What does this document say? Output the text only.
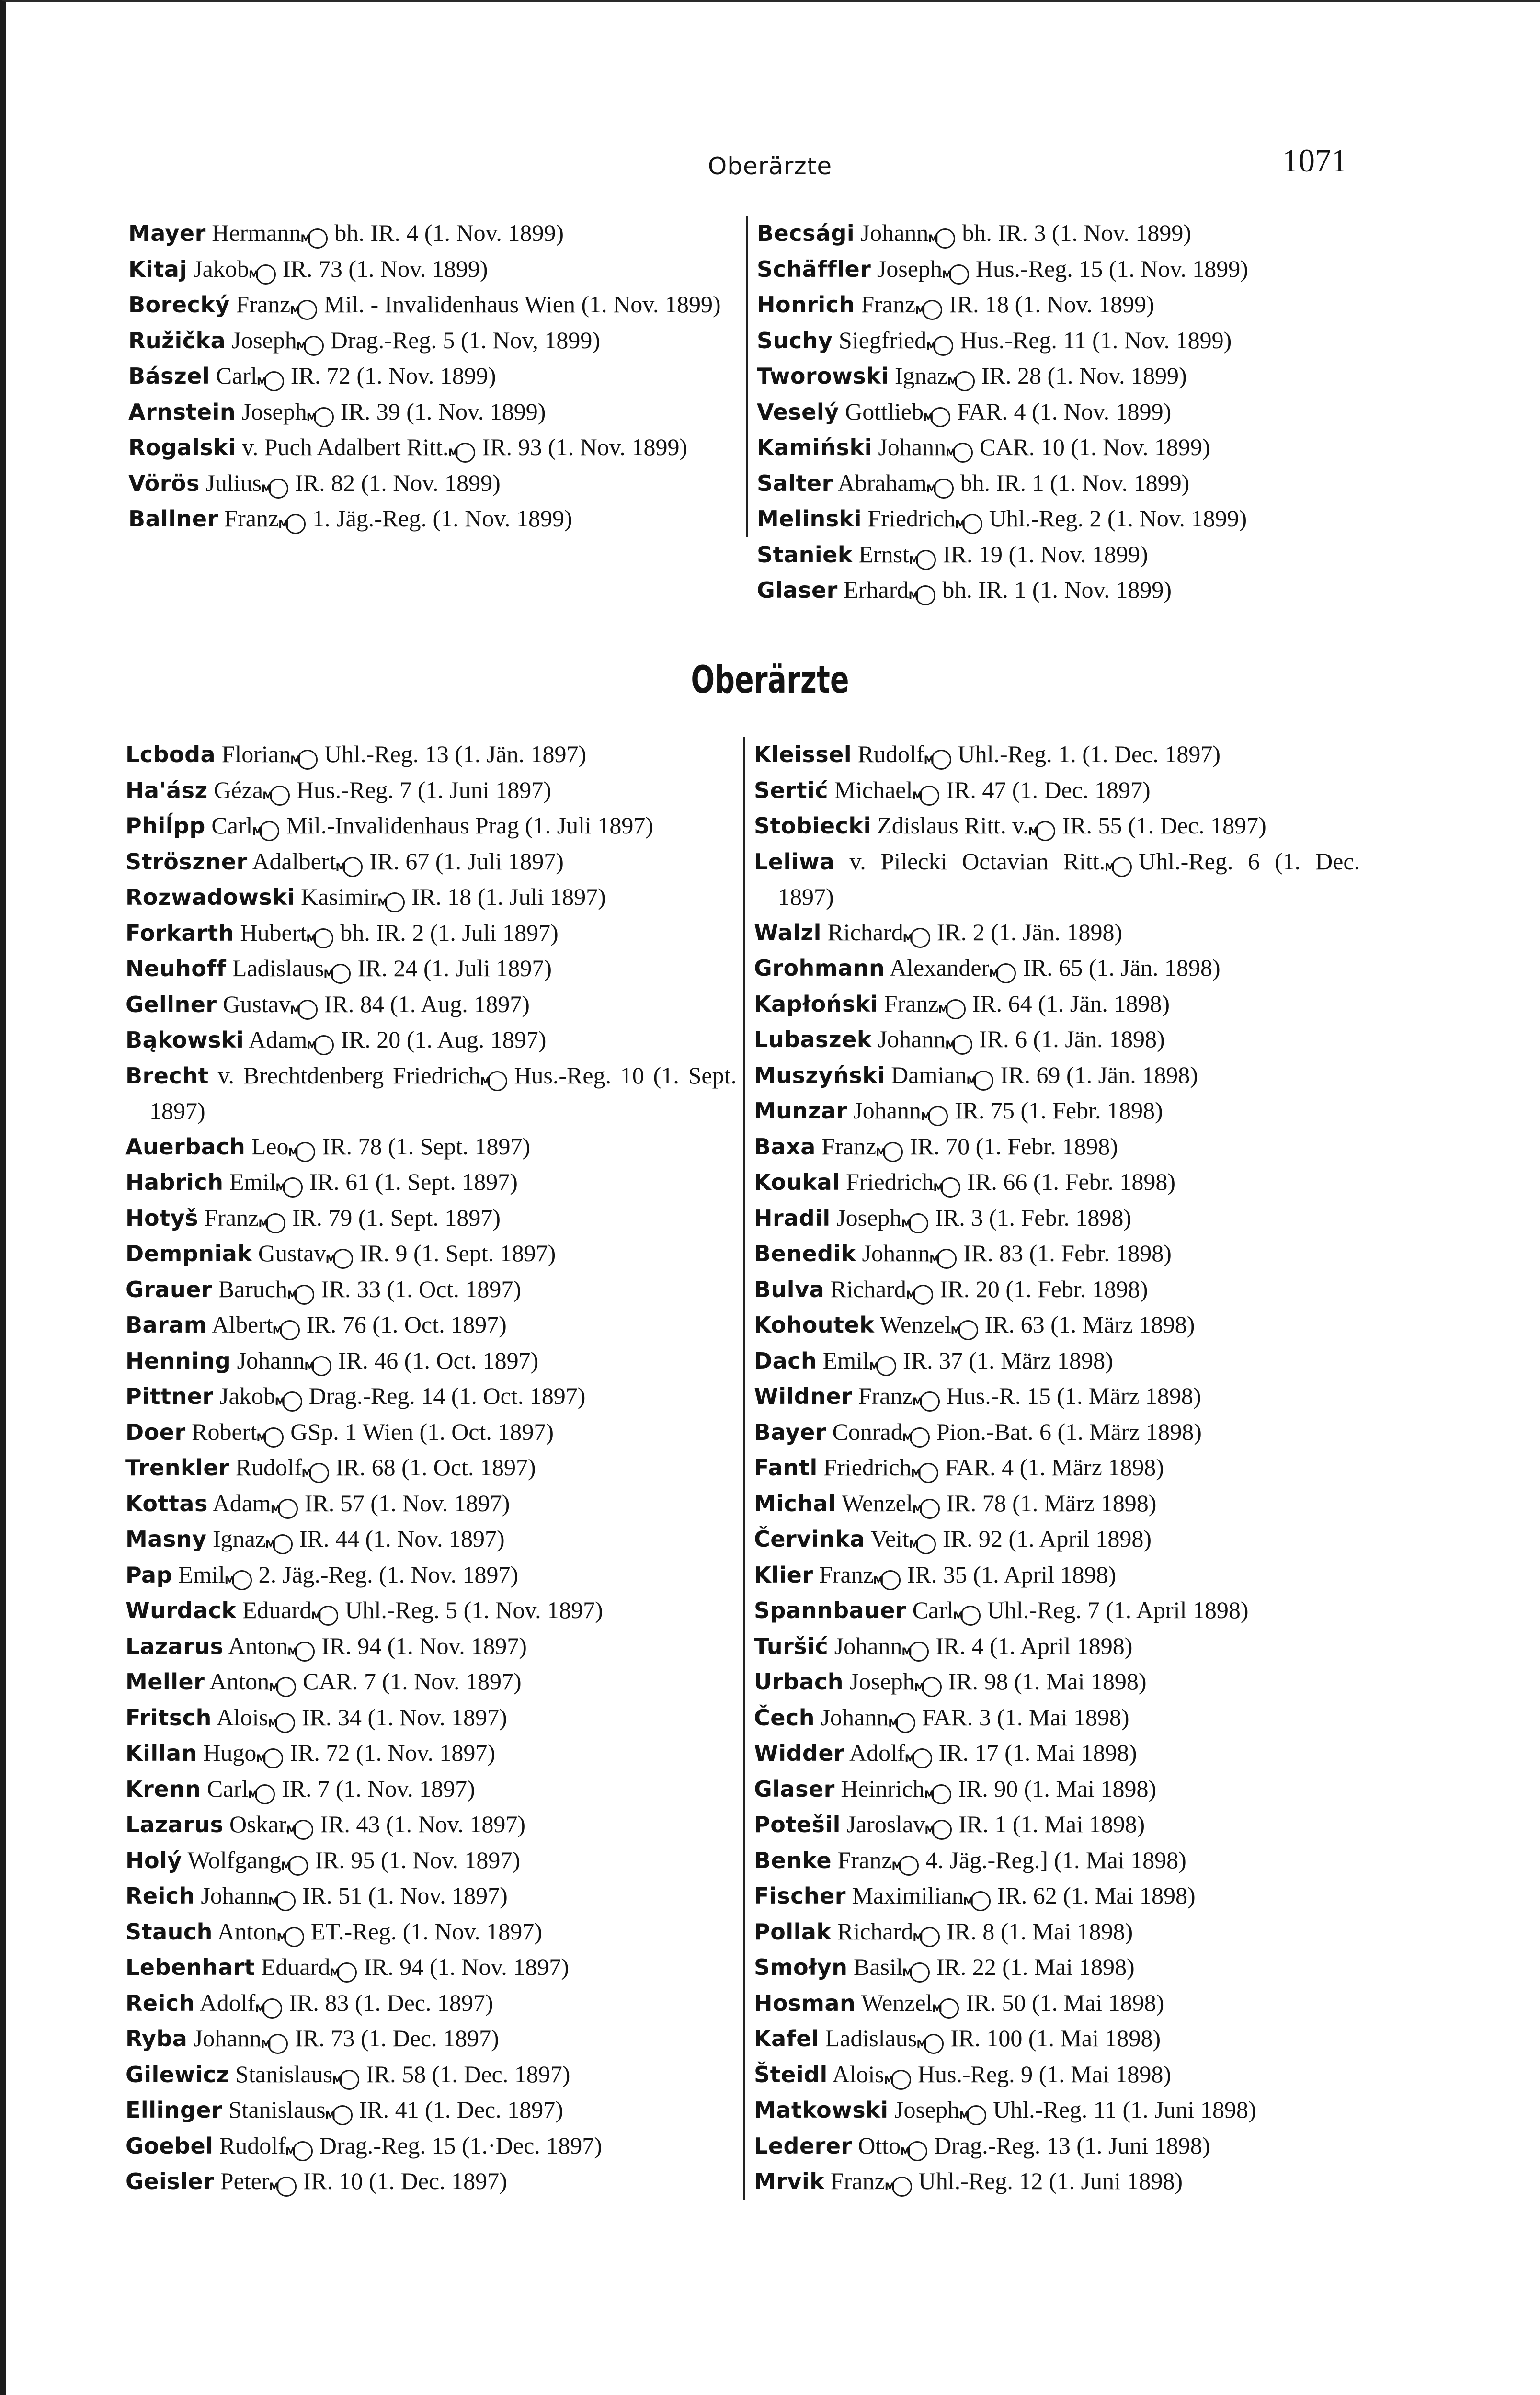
Oberärzte	1071
Mayer HermannM bh. IR. 4 (1. Nov. 1899)
Kitaj JakobM IR. 73 (1. Nov. 1899)
Borecký FranzM Mil. - Invalidenhaus Wien (1. Nov. 1899)
Ružička JosephM Drag.-Reg. 5 (1. Nov, 1899)
Bászel CarlM IR. 72 (1. Nov. 1899)
Arnstein JosephM IR. 39 (1. Nov. 1899)
Rogalski v. Puch Adalbert Ritt.M IR. 93 (1. Nov. 1899)
Vörös JuliusM IR. 82 (1. Nov. 1899)
Ballner FranzM 1. Jäg.-Reg. (1. Nov. 1899)
Becsági JohannM bh. IR. 3 (1. Nov. 1899)
Schäffler JosephM Hus.-Reg. 15 (1. Nov. 1899)
Honrich FranzM IR. 18 (1. Nov. 1899)
Suchy SiegfriedM Hus.-Reg. 11 (1. Nov. 1899)
Tworowski IgnazM IR. 28 (1. Nov. 1899)
Veselý GottliebM FAR. 4 (1. Nov. 1899)
Kamiński JohannM CAR. 10 (1. Nov. 1899)
Salter AbrahamM bh. IR. 1 (1. Nov. 1899)
Melinski FriedrichM Uhl.-Reg. 2 (1. Nov. 1899)
Staniek ErnstM IR. 19 (1. Nov. 1899)
Glaser ErhardM bh. IR. 1 (1. Nov. 1899)
Oberärzte
Lcboda FlorianM Uhl.-Reg. 13 (1. Jän. 1897)
Ha'ász GézaM Hus.-Reg. 7 (1. Juni 1897)
Phiĺpp CarlM Mil.-Invalidenhaus Prag (1. Juli 1897)
Ströszner AdalbertM IR. 67 (1. Juli 1897)
Rozwadowski KasimirM IR. 18 (1. Juli 1897)
Forkarth HubertM bh. IR. 2 (1. Juli 1897)
Neuhoff LadislausM IR. 24 (1. Juli 1897)
Gellner GustavM IR. 84 (1. Aug. 1897)
Bąkowski AdamM IR. 20 (1. Aug. 1897)
Brecht v. Brechtdenberg FriedrichM Hus.-Reg. 10 (1. Sept. 1897)
Auerbach LeoM IR. 78 (1. Sept. 1897)
Habrich EmilM IR. 61 (1. Sept. 1897)
Hotyš FranzM IR. 79 (1. Sept. 1897)
Dempniak GustavM IR. 9 (1. Sept. 1897)
Grauer BaruchM IR. 33 (1. Oct. 1897)
Baram AlbertM IR. 76 (1. Oct. 1897)
Henning JohannM IR. 46 (1. Oct. 1897)
Pittner JakobM Drag.-Reg. 14 (1. Oct. 1897)
Doer RobertM GSp. 1 Wien (1. Oct. 1897)
Trenkler RudolfM IR. 68 (1. Oct. 1897)
Kottas AdamM IR. 57 (1. Nov. 1897)
Masny IgnazM IR. 44 (1. Nov. 1897)
Pap EmilM 2. Jäg.-Reg. (1. Nov. 1897)
Wurdack EduardM Uhl.-Reg. 5 (1. Nov. 1897)
Lazarus AntonM IR. 94 (1. Nov. 1897)
Meller AntonM CAR. 7 (1. Nov. 1897)
Fritsch AloisM IR. 34 (1. Nov. 1897)
Killan HugoM IR. 72 (1. Nov. 1897)
Krenn CarlM IR. 7 (1. Nov. 1897)
Lazarus OskarM IR. 43 (1. Nov. 1897)
Holý WolfgangM IR. 95 (1. Nov. 1897)
Reich JohannM IR. 51 (1. Nov. 1897)
Stauch AntonM ET.-Reg. (1. Nov. 1897)
Lebenhart EduardM IR. 94 (1. Nov. 1897)
Reich AdolfM IR. 83 (1. Dec. 1897)
Ryba JohannM IR. 73 (1. Dec. 1897)
Gilewicz StanislausM IR. 58 (1. Dec. 1897)
Ellinger StanislausM IR. 41 (1. Dec. 1897)
Goebel RudolfM Drag.-Reg. 15 (1.·Dec. 1897)
Geisler PeterM IR. 10 (1. Dec. 1897)
Kleissel RudolfM Uhl.-Reg. 1. (1. Dec. 1897)
Sertić MichaelM IR. 47 (1. Dec. 1897)
Stobiecki Zdislaus Ritt. v.M IR. 55 (1. Dec. 1897)
Leliwa v. Pilecki Octavian Ritt.M Uhl.-Reg. 6 (1. Dec. 1897)
Walzl RichardM IR. 2 (1. Jän. 1898)
Grohmann AlexanderM IR. 65 (1. Jän. 1898)
Kapłoński FranzM IR. 64 (1. Jän. 1898)
Lubaszek JohannM IR. 6 (1. Jän. 1898)
Muszyński DamianM IR. 69 (1. Jän. 1898)
Munzar JohannM IR. 75 (1. Febr. 1898)
Baxa FranzM IR. 70 (1. Febr. 1898)
Koukal FriedrichM IR. 66 (1. Febr. 1898)
Hradil JosephM IR. 3 (1. Febr. 1898)
Benedik JohannM IR. 83 (1. Febr. 1898)
Bulva RichardM IR. 20 (1. Febr. 1898)
Kohoutek WenzelM IR. 63 (1. März 1898)
Dach EmilM IR. 37 (1. März 1898)
Wildner FranzM Hus.-R. 15 (1. März 1898)
Bayer ConradM Pion.-Bat. 6 (1. März 1898)
Fantl FriedrichM FAR. 4 (1. März 1898)
Michal WenzelM IR. 78 (1. März 1898)
Červinka VeitM IR. 92 (1. April 1898)
Klier FranzM IR. 35 (1. April 1898)
Spannbauer CarlM Uhl.-Reg. 7 (1. April 1898)
Turšić JohannM IR. 4 (1. April 1898)
Urbach JosephM IR. 98 (1. Mai 1898)
Čech JohannM FAR. 3 (1. Mai 1898)
Widder AdolfM IR. 17 (1. Mai 1898)
Glaser HeinrichM IR. 90 (1. Mai 1898)
Potešil JaroslavM IR. 1 (1. Mai 1898)
Benke FranzM 4. Jäg.-Reg.] (1. Mai 1898)
Fischer MaximilianM IR. 62 (1. Mai 1898)
Pollak RichardM IR. 8 (1. Mai 1898)
Smołyn BasilM IR. 22 (1. Mai 1898)
Hosman WenzelM IR. 50 (1. Mai 1898)
Kafel LadislausM IR. 100 (1. Mai 1898)
Šteidl AloisM Hus.-Reg. 9 (1. Mai 1898)
Matkowski JosephM Uhl.-Reg. 11 (1. Juni 1898)
Lederer OttoM Drag.-Reg. 13 (1. Juni 1898)
Mrvik FranzM Uhl.-Reg. 12 (1. Juni 1898)
